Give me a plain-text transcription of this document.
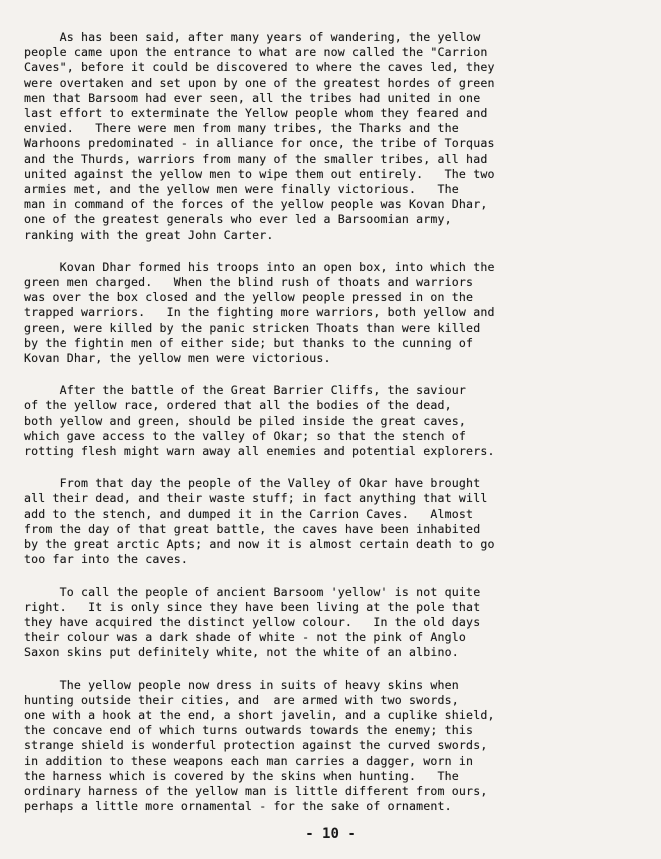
As has been said, after many years of wandering, the yellow
people came upon the entrance to what are now called the "Carrion
Caves", before it could be discovered to where the caves led, they
were overtaken and set upon by one of the greatest hordes of green
men that Barsoom had ever seen, all the tribes had united in one
last effort to exterminate the Yellow people whom they feared and
envied.   There were men from many tribes, the Tharks and the
Warhoons predominated - in alliance for once, the tribe of Torquas
and the Thurds, warriors from many of the smaller tribes, all had
united against the yellow men to wipe them out entirely.   The two
armies met, and the yellow men were finally victorious.   The
man in command of the forces of the yellow people was Kovan Dhar,
one of the greatest generals who ever led a Barsoomian army,
ranking with the great John Carter.
Kovan Dhar formed his troops into an open box, into which the
green men charged.   When the blind rush of thoats and warriors
was over the box closed and the yellow people pressed in on the
trapped warriors.   In the fighting more warriors, both yellow and
green, were killed by the panic stricken Thoats than were killed
by the fightin men of either side; but thanks to the cunning of
Kovan Dhar, the yellow men were victorious.
After the battle of the Great Barrier Cliffs, the saviour
of the yellow race, ordered that all the bodies of the dead,
both yellow and green, should be piled inside the great caves,
which gave access to the valley of Okar; so that the stench of
rotting flesh might warn away all enemies and potential explorers.
From that day the people of the Valley of Okar have brought
all their dead, and their waste stuff; in fact anything that will
add to the stench, and dumped it in the Carrion Caves.   Almost
from the day of that great battle, the caves have been inhabited
by the great arctic Apts; and now it is almost certain death to go
too far into the caves.
To call the people of ancient Barsoom 'yellow' is not quite
right.   It is only since they have been living at the pole that
they have acquired the distinct yellow colour.   In the old days
their colour was a dark shade of white - not the pink of Anglo
Saxon skins put definitely white, not the white of an albino.
The yellow people now dress in suits of heavy skins when
hunting outside their cities, and  are armed with two swords,
one with a hook at the end, a short javelin, and a cuplike shield,
the concave end of which turns outwards towards the enemy; this
strange shield is wonderful protection against the curved swords,
in addition to these weapons each man carries a dagger, worn in
the harness which is covered by the skins when hunting.   The
ordinary harness of the yellow man is little different from ours,
perhaps a little more ornamental - for the sake of ornament.
- 10 -
